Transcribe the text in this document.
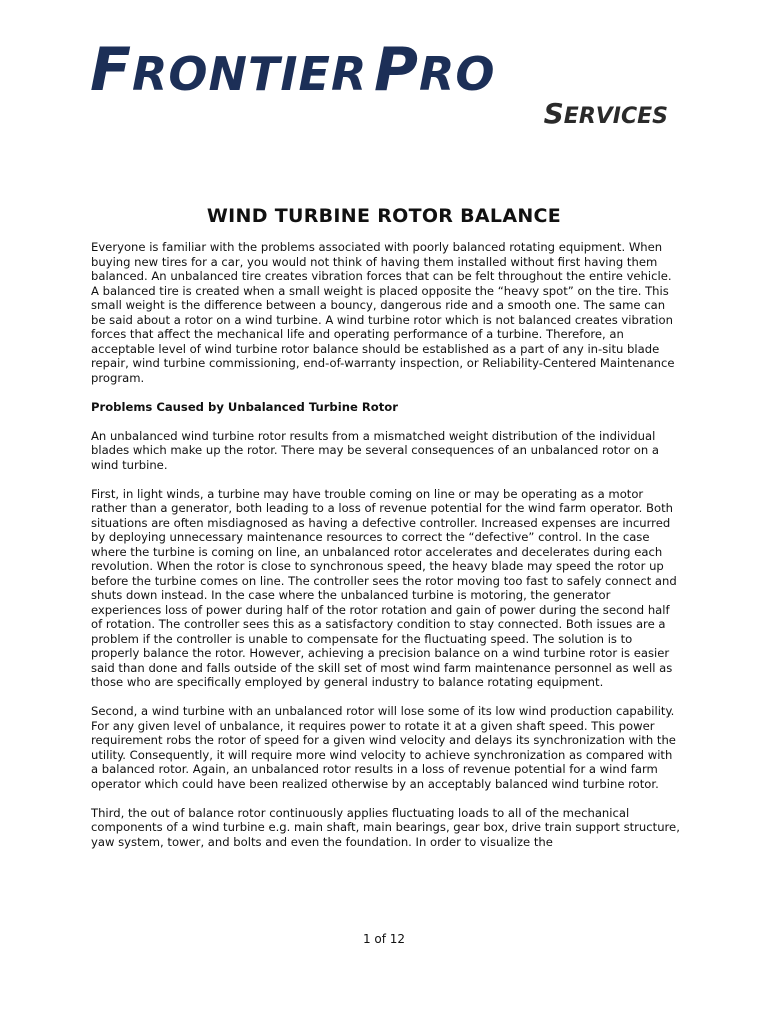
FRONTIER PRO
SERVICES
WIND TURBINE ROTOR BALANCE

Everyone is familiar with the problems associated with poorly balanced rotating equipment. When buying new tires for a car, you would not think of having them installed without first having them balanced. An unbalanced tire creates vibration forces that can be felt throughout the entire vehicle. A balanced tire is created when a small weight is placed opposite the “heavy spot” on the tire. This small weight is the difference between a bouncy, dangerous ride and a smooth one. The same can be said about a rotor on a wind turbine. A wind turbine rotor which is not balanced creates vibration forces that affect the mechanical life and operating performance of a turbine. Therefore, an acceptable level of wind turbine rotor balance should be established as a part of any in-situ blade repair, wind turbine commissioning, end-of-warranty inspection, or Reliability-Centered Maintenance program.

Problems Caused by Unbalanced Turbine Rotor

An unbalanced wind turbine rotor results from a mismatched weight distribution of the individual blades which make up the rotor. There may be several consequences of an unbalanced rotor on a wind turbine.

First, in light winds, a turbine may have trouble coming on line or may be operating as a motor rather than a generator, both leading to a loss of revenue potential for the wind farm operator. Both situations are often misdiagnosed as having a defective controller. Increased expenses are incurred by deploying unnecessary maintenance resources to correct the “defective” control. In the case where the turbine is coming on line, an unbalanced rotor accelerates and decelerates during each revolution. When the rotor is close to synchronous speed, the heavy blade may speed the rotor up before the turbine comes on line. The controller sees the rotor moving too fast to safely connect and shuts down instead. In the case where the unbalanced turbine is motoring, the generator experiences loss of power during half of the rotor rotation and gain of power during the second half of rotation. The controller sees this as a satisfactory condition to stay connected. Both issues are a problem if the controller is unable to compensate for the fluctuating speed. The solution is to properly balance the rotor. However, achieving a precision balance on a wind turbine rotor is easier said than done and falls outside of the skill set of most wind farm maintenance personnel as well as those who are specifically employed by general industry to balance rotating equipment.

Second, a wind turbine with an unbalanced rotor will lose some of its low wind production capability. For any given level of unbalance, it requires power to rotate it at a given shaft speed. This power requirement robs the rotor of speed for a given wind velocity and delays its synchronization with the utility. Consequently, it will require more wind velocity to achieve synchronization as compared with a balanced rotor. Again, an unbalanced rotor results in a loss of revenue potential for a wind farm operator which could have been realized otherwise by an acceptably balanced wind turbine rotor.

Third, the out of balance rotor continuously applies fluctuating loads to all of the mechanical components of a wind turbine e.g. main shaft, main bearings, gear box, drive train support structure, yaw system, tower, and bolts and even the foundation. In order to visualize the

1 of 12
